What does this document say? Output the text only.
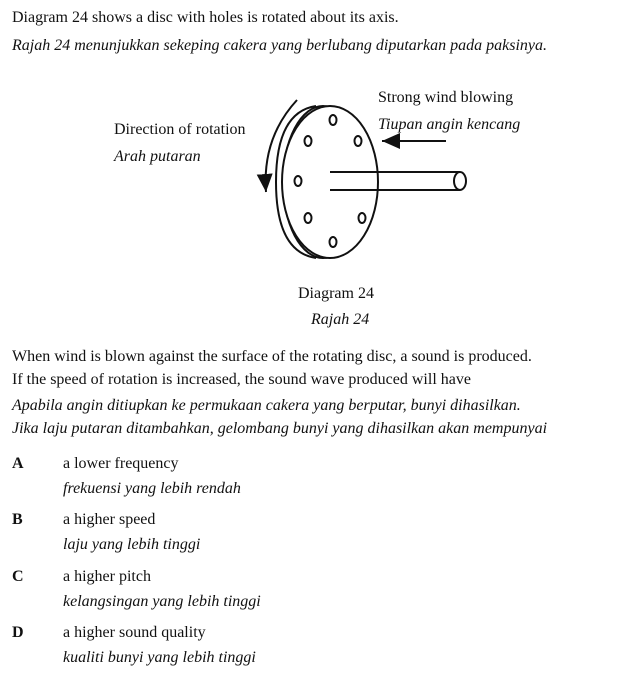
Diagram 24 shows a disc with holes is rotated about its axis.
Rajah 24 menunjukkan sekeping cakera yang berlubang diputarkan pada paksinya.
Strong wind blowing
Tiupan angin kencang
Direction of rotation
Arah putaran
Diagram 24
Rajah 24
When wind is blown against the surface of the rotating disc, a sound is produced.
If the speed of rotation is increased, the sound wave produced will have
Apabila angin ditiupkan ke permukaan cakera yang berputar, bunyi dihasilkan.
Jika laju putaran ditambahkan, gelombang bunyi yang dihasilkan akan mempunyai
A a lower frequency
frekuensi yang lebih rendah
B	a higher speed
laju yang lebih tinggi
C a higher pitch
kelangsingan yang lebih tinggi
D a higher sound quality
kualiti bunyi yang lebih tinggi
